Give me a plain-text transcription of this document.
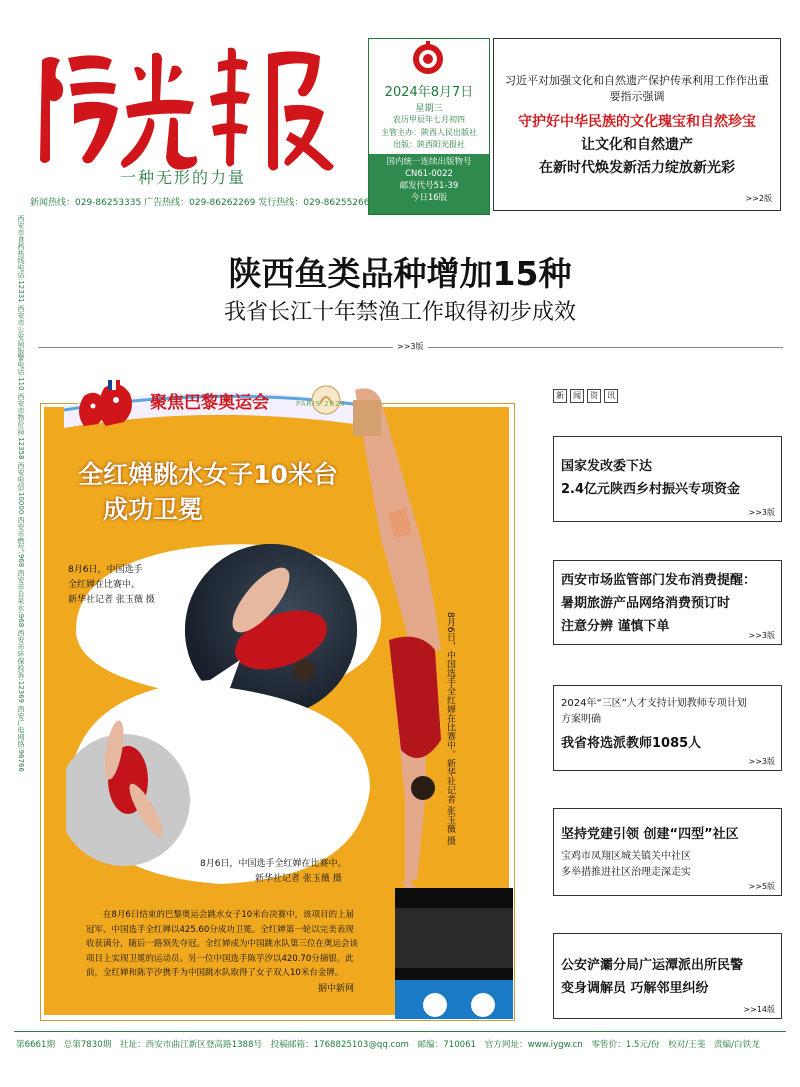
一种无形的力量
新闻热线：029-86253335 广告热线：029-86262269 发行热线：029-86255266
2024年8月7日
星期三
农历甲辰年七月初四
主管主办：陕西人民出版社
出版：陕西阳光报社
国内统一连续出版物号
CN61-0022
邮发代号51-39
今日16版
习近平对加强文化和自然遗产保护传承利用工作作出重要指示强调
守护好中华民族的文化瑰宝和自然珍宝
让文化和自然遗产
在新时代焕发新活力绽放新光彩
>>2版
西安市食药热线电话:12331 西安市公安局报警电话:110 西安市物价局:12358 西安电信:10000 西安市燃气:968 西安市自来水:968 西安市环保投诉:12369 西安广电网络:96766	陕西鱼类品种增加15种
我省长江十年禁渔工作取得初步成效
>>3版
聚焦巴黎奥运会	PARIS 2024
全红婵跳水女子10米台
成功卫冕
8月6日，中国选手
全红婵在比赛中。
新华社记者 张玉薇 摄
8月6日，中国选手全红婵在比赛中。
新华社记者 张玉薇 摄
8月6日，中国选手全红婵在比赛中。新华社记者 张玉薇 摄
在8月6日结束的巴黎奥运会跳水女子10米台决赛中，该项目的上届冠军、中国选手全红婵以425.60分成功卫冕。全红婵第一轮以完美表现收获满分，随后一路领先夺冠。全红婵成为中国跳水队第三位在奥运会该项目上实现卫冕的运动员。另一位中国选手陈芋汐以420.70分摘银。此前，全红婵和陈芋汐携手为中国跳水队取得了女子双人10米台金牌。
据中新网
新 闻 资 讯
国家发改委下达
2.4亿元陕西乡村振兴专项资金
>>3版
西安市场监管部门发布消费提醒：
暑期旅游产品网络消费预订时
注意分辨 谨慎下单
>>3版
2024年“三区”人才支持计划教师专项计划
方案明确
我省将选派教师1085人
>>3版
坚持党建引领 创建“四型”社区
宝鸡市凤翔区城关镇关中社区
多举措推进社区治理走深走实
>>5版
公安浐灞分局广运潭派出所民警
变身调解员 巧解邻里纠纷
>>14版
第6661期　总第7830期　社址：西安市曲江新区登高路1388号　投稿邮箱：1768825103@qq.com　邮编：710061　官方网址：www.iygw.cn　零售价：1.5元/份　校对/王斐　责编/白铁龙
